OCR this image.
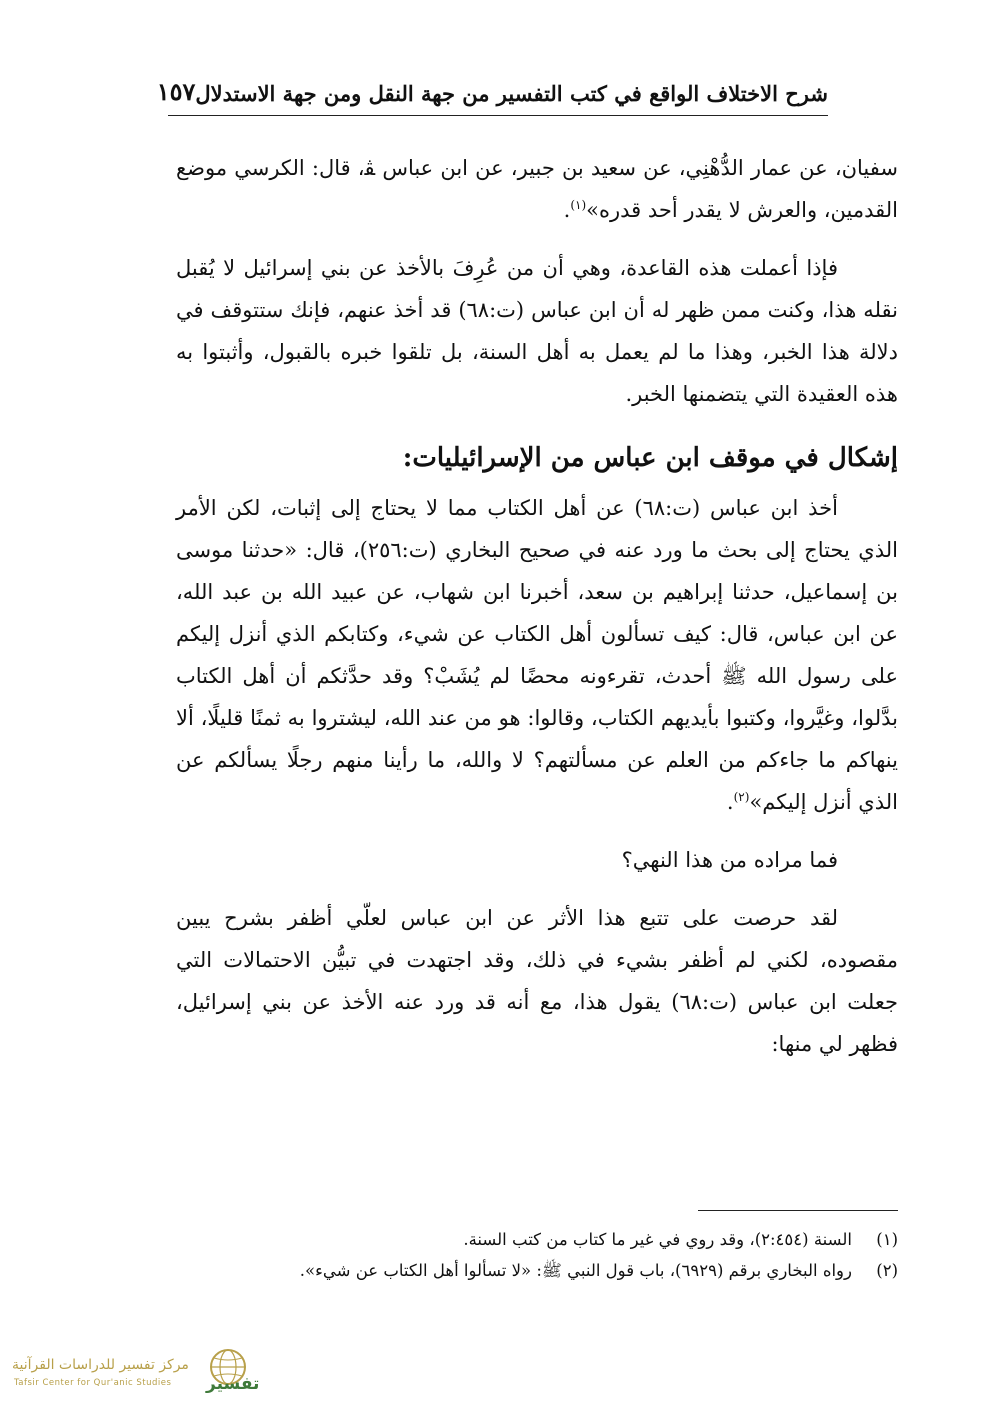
شرح الاختلاف الواقع في كتب التفسير من جهة النقل ومن جهة الاستدلال
١٥٧

سفيان، عن عمار الدُّهْنِي، عن سعيد بن جبير، عن ابن عباس ﭭ، قال: الكرسي موضع القدمين، والعرش لا يقدر أحد قدره»$^{(١)}$.

فإذا أعملت هذه القاعدة، وهي أن من عُرِفَ بالأخذ عن بني إسرائيل لا يُقبل نقله هذا، وكنت ممن ظهر له أن ابن عباس (ت:٦٨) قد أخذ عنهم، فإنك ستتوقف في دلالة هذا الخبر، وهذا ما لم يعمل به أهل السنة، بل تلقوا خبره بالقبول، وأثبتوا به هذه العقيدة التي يتضمنها الخبر.

إشكال في موقف ابن عباس من الإسرائيليات:

أخذ ابن عباس (ت:٦٨) عن أهل الكتاب مما لا يحتاج إلى إثبات، لكن الأمر الذي يحتاج إلى بحث ما ورد عنه في صحيح البخاري (ت:٢٥٦)، قال: «حدثنا موسى بن إسماعيل، حدثنا إبراهيم بن سعد، أخبرنا ابن شهاب، عن عبيد الله بن عبد الله، عن ابن عباس، قال: كيف تسألون أهل الكتاب عن شيء، وكتابكم الذي أنزل إليكم على رسول الله ﷺ أحدث، تقرءونه محضًا لم يُشَبْ؟ وقد حدَّثكم أن أهل الكتاب بدَّلوا، وغيَّروا، وكتبوا بأيديهم الكتاب، وقالوا: هو من عند الله، ليشتروا به ثمنًا قليلًا، ألا ينهاكم ما جاءكم من العلم عن مسألتهم؟ لا والله، ما رأينا منهم رجلًا يسألكم عن الذي أنزل إليكم»$^{(٢)}$.

فما مراده من هذا النهي؟

لقد حرصت على تتبع هذا الأثر عن ابن عباس لعلّي أظفر بشرح يبين مقصوده، لكني لم أظفر بشيء في ذلك، وقد اجتهدت في تبيُّن الاحتمالات التي جعلت ابن عباس (ت:٦٨) يقول هذا، مع أنه قد ورد عنه الأخذ عن بني إسرائيل، فظهر لي منها:

(١)
السنة (٢:٤٥٤)، وقد روي في غير ما كتاب من كتب السنة.
(٢)
رواه البخاري برقم (٦٩٢٩)، باب قول النبي ﷺ: «لا تسألوا أهل الكتاب عن شيء».
مركز تفسير للدراسات القرآنية
Tafsir Center for Qur'anic Studies تفسير
